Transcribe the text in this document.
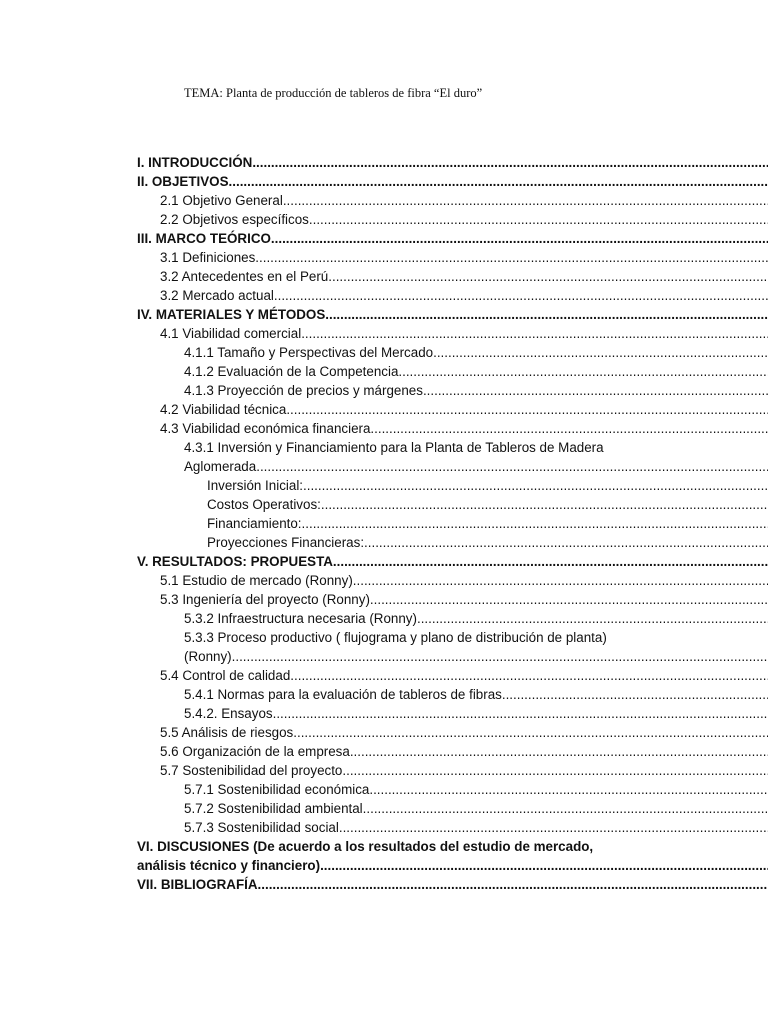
TEMA: Planta de producción de tableros de fibra “El duro”

I. INTRODUCCIÓN .....
II. OBJETIVOS .....
2.1 Objetivo General .....
2.2 Objetivos específicos .....
III. MARCO TEÓRICO .....
3.1 Definiciones .....
3.2 Antecedentes en el Perú .....
3.2 Mercado actual .....
IV. MATERIALES Y MÉTODOS .....
4.1 Viabilidad comercial .....
4.1.1 Tamaño y Perspectivas del Mercado .....
4.1.2 Evaluación de la Competencia .....
4.1.3 Proyección de precios y márgenes .....
4.2 Viabilidad técnica .....
4.3 Viabilidad económica financiera .....
4.3.1 Inversión y Financiamiento para la Planta de Tableros de Madera
Aglomerada .....
Inversión Inicial: .....
Costos Operativos: .....
Financiamiento: .....
Proyecciones Financieras: .....
V. RESULTADOS: PROPUESTA .....
5.1 Estudio de mercado (Ronny) .....
5.3 Ingeniería del proyecto (Ronny) .....
5.3.2 Infraestructura necesaria (Ronny) .....
5.3.3 Proceso productivo ( flujograma y plano de distribución de planta)
(Ronny) .....
5.4 Control de calidad .....
5.4.1 Normas para la evaluación de tableros de fibras .....
5.4.2. Ensayos .....
5.5 Análisis de riesgos .....
5.6 Organización de la empresa .....
5.7 Sostenibilidad del proyecto .....
5.7.1 Sostenibilidad económica .....
5.7.2 Sostenibilidad ambiental .....
5.7.3 Sostenibilidad social .....
VI. DISCUSIONES (De acuerdo a los resultados del estudio de mercado,
análisis técnico y financiero) .....
VII. BIBLIOGRAFÍA .....
